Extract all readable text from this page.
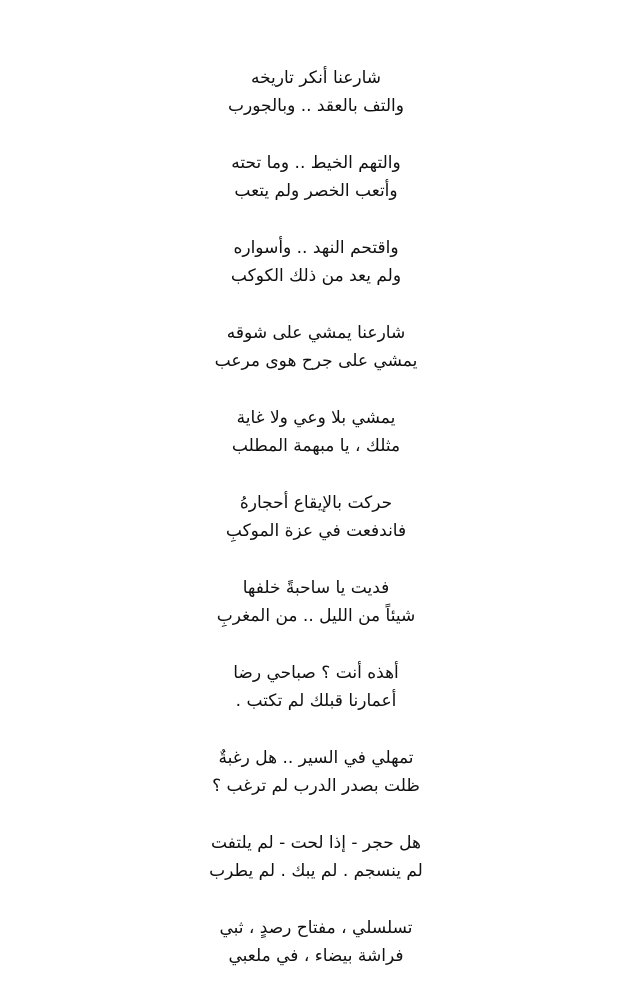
شارعنا أنكر تاريخه
والتف بالعقد .. وبالجورب
والتهم الخيط .. وما تحته
وأتعب الخصر ولم يتعب
واقتحم النهد .. وأسواره
ولم يعد من ذلك الكوكب
شارعنا يمشي على شوقه
يمشي على جرح هوى مرعب
يمشي بلا وعي ولا غاية
مثلك ، يا مبهمة المطلب
حركت بالإيقاع أحجارهُ
فاندفعت في عزة الموكبِ
فديت يا ساحبةً خلفها
شيئاً من الليل .. من المغربِ
أهذه أنت ؟ صباحي رضا
أعمارنا قبلك لم تكتب .
تمهلي في السير .. هل رغبةٌ
ظلت بصدر الدرب لم ترغب ؟
هل حجر - إذا لحت - لم يلتفت
لم ينسجم . لم يبك . لم يطرب
تسلسلي ، مفتاح رصدٍ ، ثبي
فراشة بيضاء ، في ملعبي
